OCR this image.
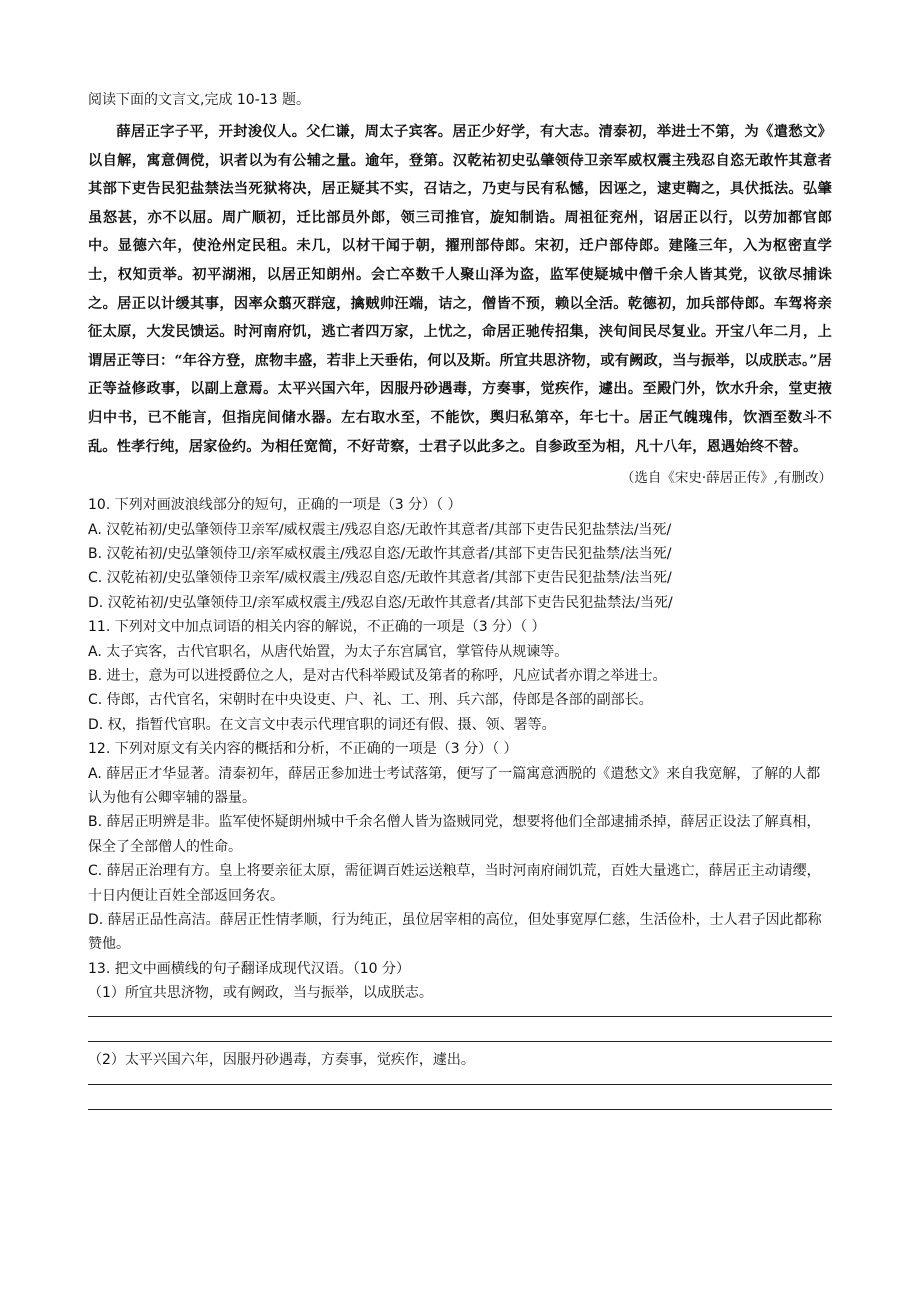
阅读下面的文言文,完成 10-13 题。

薛居正字子平，开封浚仪人。父仁谦，周太子宾客。居正少好学，有大志。清泰初，举进士不第，为《遣愁文》以自解，寓意倜傥，识者以为有公辅之量。逾年，登第。汉乾祐初史弘肇领侍卫亲军威权震主残忍自恣无敢忤其意者其部下吏告民犯盐禁法当死狱将决，居正疑其不实，召诘之，乃吏与民有私憾，因诬之，逮吏鞫之，具伏抵法。弘肇虽怒甚，亦不以屈。周广顺初，迁比部员外郎，领三司推官，旋知制诰。周祖征兖州，诏居正以行，以劳加都官郎中。显德六年，使沧州定民租。未几，以材干闻于朝，擢刑部侍郎。宋初，迁户部侍郎。建隆三年，入为枢密直学士，权知贡举。初平湖湘，以居正知朗州。会亡卒数千人聚山泽为盗，监军使疑城中僧千余人皆其党，议欲尽捕诛之。居正以计缓其事，因率众翦灭群寇，擒贼帅汪端，诘之，僧皆不预，赖以全活。乾德初，加兵部侍郎。车驾将亲征太原，大发民馈运。时河南府饥，逃亡者四万家，上忧之，命居正驰传招集，浃旬间民尽复业。开宝八年二月，上谓居正等曰：“年谷方登，庶物丰盛，若非上天垂佑，何以及斯。所宜共思济物，或有阙政，当与振举，以成朕志。”居正等益修政事，以副上意焉。太平兴国六年，因服丹砂遇毒，方奏事，觉疾作，遽出。至殿门外，饮水升余，堂吏掖归中书，已不能言，但指庑间储水器。左右取水至，不能饮，舆归私第卒，年七十。居正气魄瑰伟，饮酒至数斗不乱。性孝行纯，居家俭约。为相任宽简，不好苛察，士君子以此多之。自参政至为相，凡十八年，恩遇始终不替。

（选自《宋史·薛居正传》,有删改）

10. 下列对画波浪线部分的短句，正确的一项是（3 分）（ ）

A. 汉乾祐初/史弘肇领侍卫亲军/威权震主/残忍自恣/无敢忤其意者/其部下吏告民犯盐禁法/当死/

B. 汉乾祐初/史弘肇领侍卫/亲军威权震主/残忍自恣/无敢忤其意者/其部下吏告民犯盐禁/法当死/

C. 汉乾祐初/史弘肇领侍卫亲军/威权震主/残忍自恣/无敢忤其意者/其部下吏告民犯盐禁/法当死/

D. 汉乾祐初/史弘肇领侍卫/亲军威权震主/残忍自恣/无敢忤其意者/其部下吏告民犯盐禁法/当死/

11. 下列对文中加点词语的相关内容的解说，不正确的一项是（3 分）（ ）

A. 太子宾客，古代官职名，从唐代始置，为太子东宫属官，掌管侍从规谏等。

B. 进士，意为可以进授爵位之人，是对古代科举殿试及第者的称呼，凡应试者亦谓之举进士。

C. 侍郎，古代官名，宋朝时在中央设吏、户、礼、工、刑、兵六部，侍郎是各部的副部长。

D. 权，指暂代官职。在文言文中表示代理官职的词还有假、摄、领、署等。

12. 下列对原文有关内容的概括和分析，不正确的一项是（3 分）（ ）

A. 薛居正才华显著。清泰初年，薛居正参加进士考试落第，便写了一篇寓意洒脱的《遣愁文》来自我宽解，了解的人都认为他有公卿宰辅的器量。

B. 薛居正明辨是非。监军使怀疑朗州城中千余名僧人皆为盗贼同党，想要将他们全部逮捕杀掉，薛居正设法了解真相，保全了全部僧人的性命。

C. 薛居正治理有方。皇上将要亲征太原，需征调百姓运送粮草，当时河南府闹饥荒，百姓大量逃亡，薛居正主动请缨，十日内便让百姓全部返回务农。

D. 薛居正品性高洁。薛居正性情孝顺，行为纯正，虽位居宰相的高位，但处事宽厚仁慈，生活俭朴，士人君子因此都称赞他。

13. 把文中画横线的句子翻译成现代汉语。（10 分）

（1）所宜共思济物，或有阙政，当与振举，以成朕志。

（2）太平兴国六年，因服丹砂遇毒，方奏事，觉疾作，遽出。
